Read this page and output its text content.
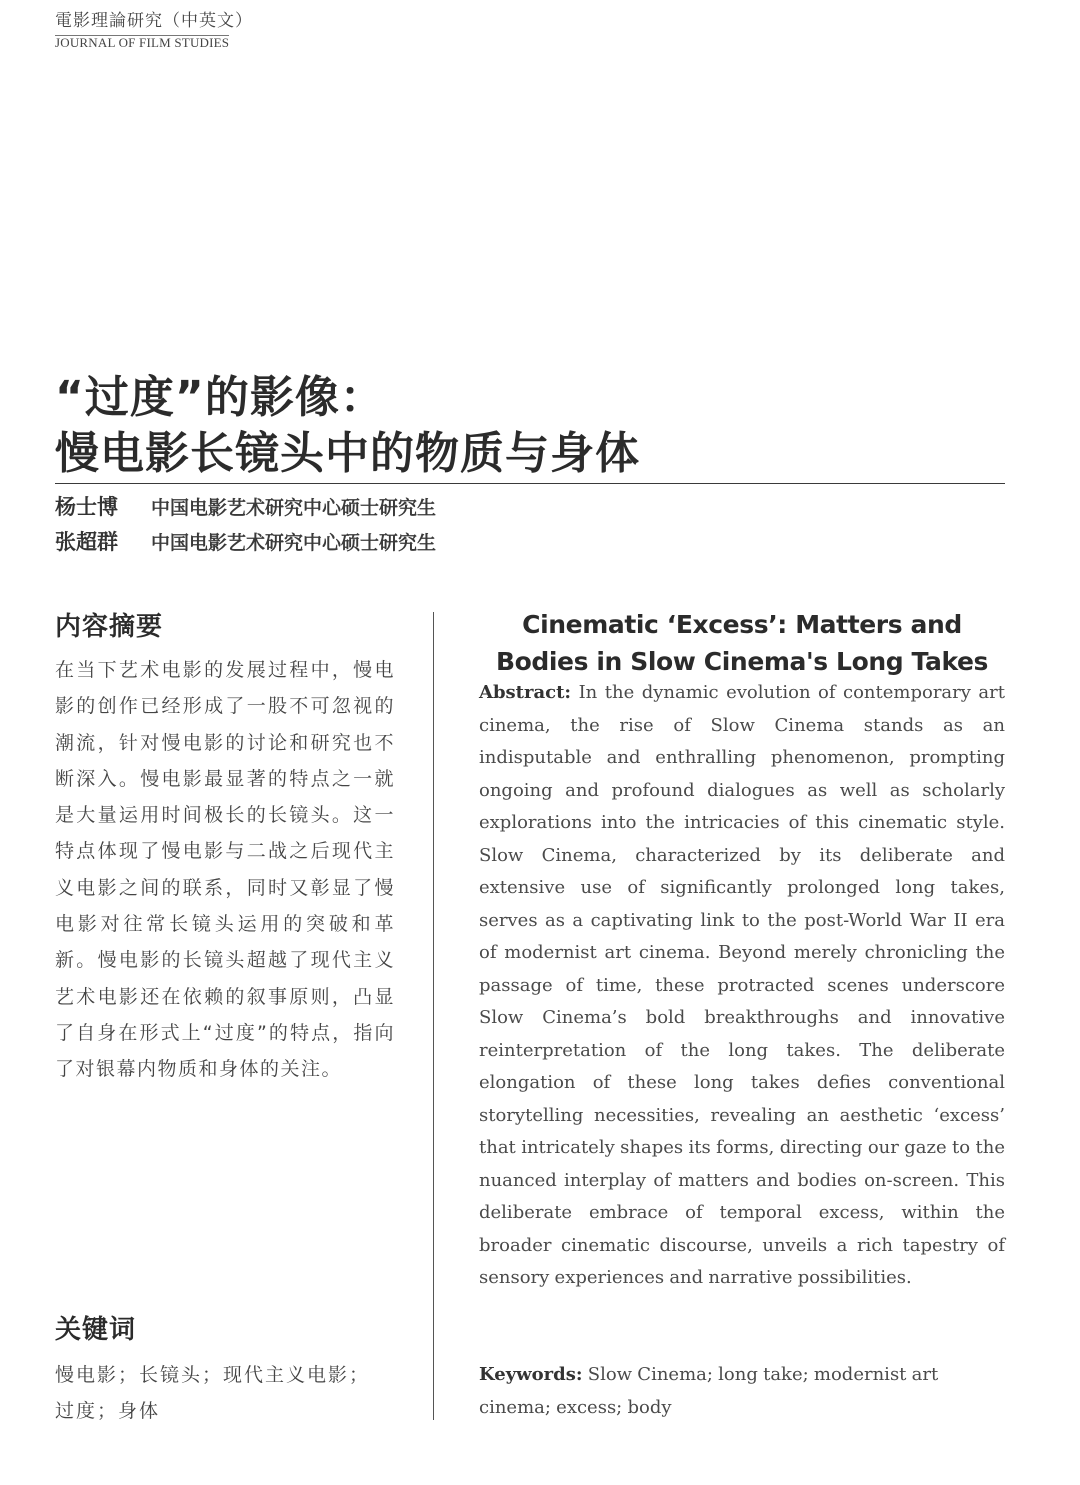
電影理論研究（中英文）
JOURNAL OF FILM STUDIES
“过度”的影像：
慢电影长镜头中的物质与身体
杨士博 中国电影艺术研究中心硕士研究生
张超群 中国电影艺术研究中心硕士研究生
内容摘要
在当下艺术电影的发展过程中，慢电影的创作已经形成了一股不可忽视的潮流，针对慢电影的讨论和研究也不断深入。慢电影最显著的特点之一就是大量运用时间极长的长镜头。这一特点体现了慢电影与二战之后现代主义电影之间的联系，同时又彰显了慢电影对往常长镜头运用的突破和革新。慢电影的长镜头超越了现代主义艺术电影还在依赖的叙事原则，凸显了自身在形式上“过度”的特点，指向了对银幕内物质和身体的关注。
关键词
慢电影；长镜头；现代主义电影；过度；身体
Cinematic ‘Excess’: Matters and Bodies in Slow Cinema's Long Takes
Abstract: In the dynamic evolution of contemporary art cinema, the rise of Slow Cinema stands as an indisputable and enthralling phenomenon, prompting ongoing and profound dialogues as well as scholarly explorations into the intricacies of this cinematic style. Slow Cinema, characterized by its deliberate and extensive use of significantly prolonged long takes, serves as a captivating link to the post-World War II era of modernist art cinema. Beyond merely chronicling the passage of time, these protracted scenes underscore Slow Cinema’s bold breakthroughs and innovative reinterpretation of the long takes. The deliberate elongation of these long takes defies conventional storytelling necessities, revealing an aesthetic ‘excess’ that intricately shapes its forms, directing our gaze to the nuanced interplay of matters and bodies on-screen. This deliberate embrace of temporal excess, within the broader cinematic discourse, unveils a rich tapestry of sensory experiences and narrative possibilities.
Keywords: Slow Cinema; long take; modernist art cinema; excess; body
